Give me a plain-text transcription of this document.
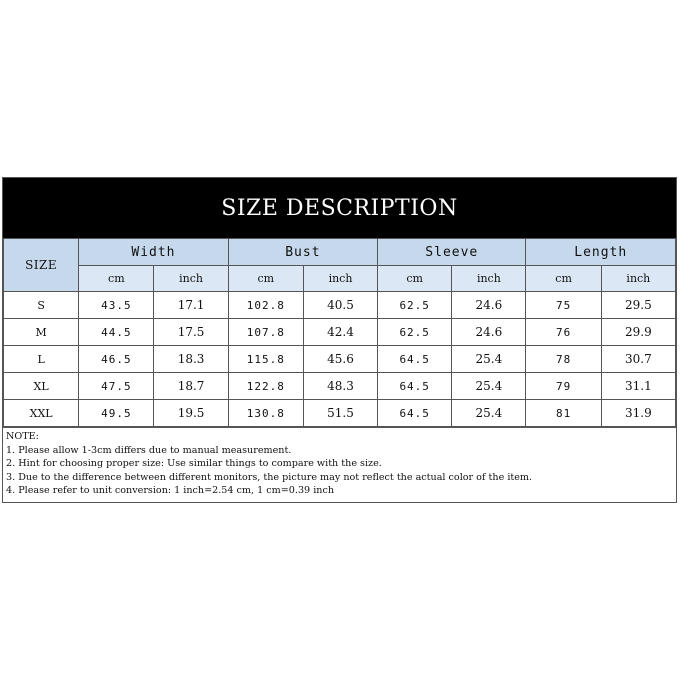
SIZE DESCRIPTION
SIZE	Width		Bust		Sleeve		Length	
	cm	inch	cm	inch	cm	inch	cm	inch
S	43.5	17.1	102.8	40.5	62.5	24.6	75	29.5
M	44.5	17.5	107.8	42.4	62.5	24.6	76	29.9
L	46.5	18.3	115.8	45.6	64.5	25.4	78	30.7
XL	47.5	18.7	122.8	48.3	64.5	25.4	79	31.1
XXL	49.5	19.5	130.8	51.5	64.5	25.4	81	31.9
NOTE:
1. Please allow 1-3cm differs due to manual measurement.
2. Hint for choosing proper size: Use similar things to compare with the size.
3. Due to the difference between different monitors, the picture may not reflect the actual color of the item.
4. Please refer to unit conversion: 1 inch=2.54 cm, 1 cm=0.39 inch
